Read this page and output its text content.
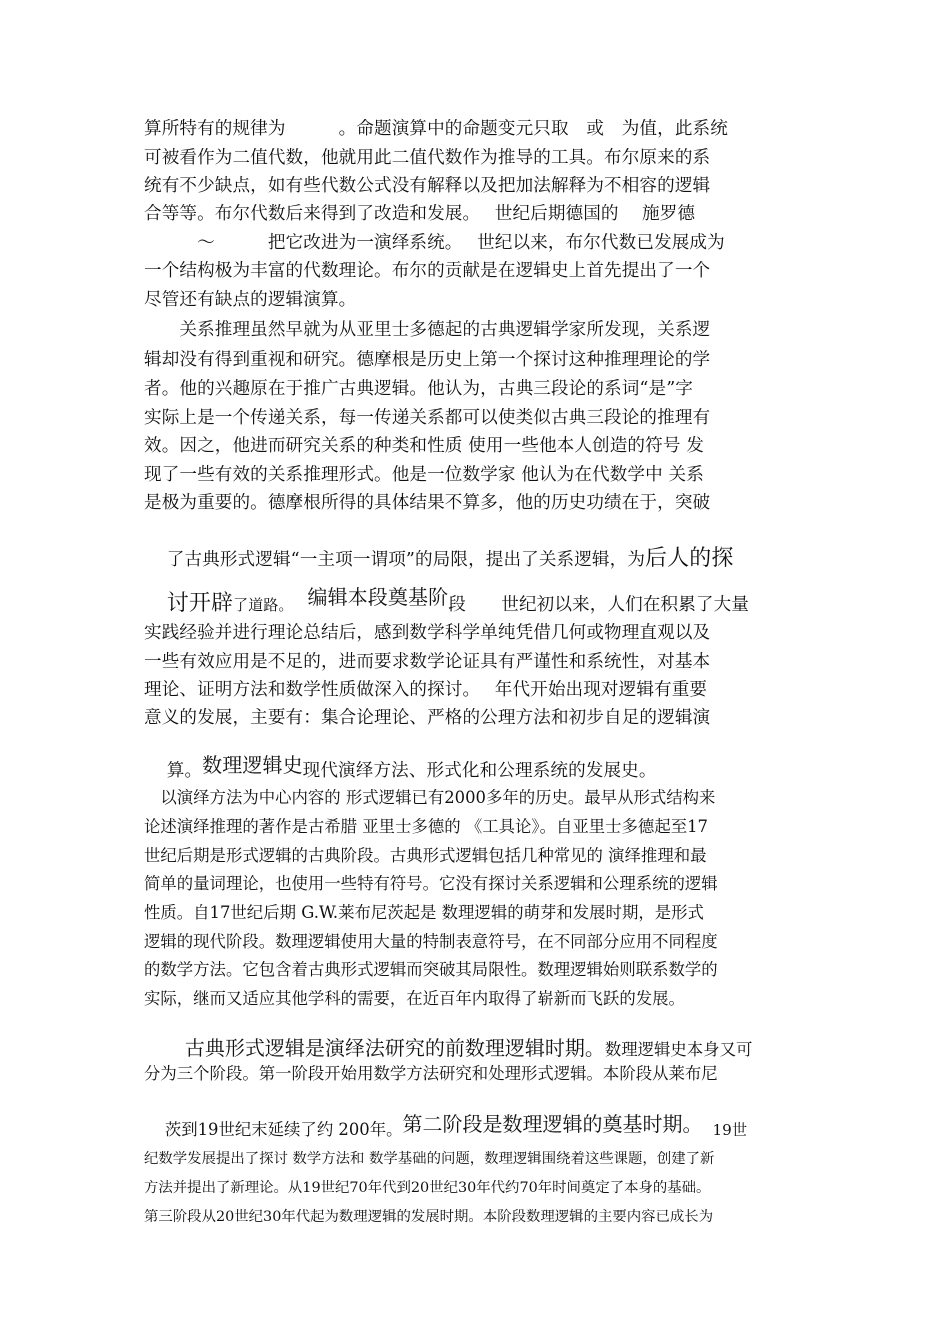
算所特有的规律为　　　。命题演算中的命题变元只取　或　为值，此系统
可被看作为二值代数，他就用此二值代数作为推导的工具。布尔原来的系
统有不少缺点，如有些代数公式没有解释以及把加法解释为不相容的逻辑
合等等。布尔代数后来得到了改造和发展。　 世纪后期德国的　 施罗德
　　　～　　　把它改进为一演绎系统。　 世纪以来，布尔代数已发展成为
一个结构极为丰富的代数理论。布尔的贡献是在逻辑史上首先提出了一个
尽管还有缺点的逻辑演算。
　　关系推理虽然早就为从亚里士多德起的古典逻辑学家所发现，关系逻
辑却没有得到重视和研究。德摩根是历史上第一个探讨这种推理理论的学
者。他的兴趣原在于推广古典逻辑。他认为，古典三段论的系词“是”字
实际上是一个传递关系，每一传递关系都可以使类似古典三段论的推理有
效。因之，他进而研究关系的种类和性质 使用一些他本人创造的符号 发
现了一些有效的关系推理形式。他是一位数学家 他认为在代数学中 关系
是极为重要的。德摩根所得的具体结果不算多，他的历史功绩在于，突破

了古典形式逻辑“一主项一谓项”的局限，提出了关系逻辑，为后人的探

讨开辟了道路。 编辑本段奠基阶段　　世纪初以来，人们在积累了大量

实践经验并进行理论总结后，感到数学科学单纯凭借几何或物理直观以及
一些有效应用是不足的，进而要求数学论证具有严谨性和系统性，对基本
理论、证明方法和数学性质做深入的探讨。　 年代开始出现对逻辑有重要
意义的发展，主要有：集合论理论、严格的公理方法和初步自足的逻辑演

算。数理逻辑史现代演绎方法、形式化和公理系统的发展史。

　以演绎方法为中心内容的 形式逻辑已有2000多年的历史。最早从形式结构来
论述演绎推理的著作是古希腊 亚里士多德的 《工具论》。自亚里士多德起至17
世纪后期是形式逻辑的古典阶段。古典形式逻辑包括几种常见的 演绎推理和最
简单的量词理论，也使用一些特有符号。它没有探讨关系逻辑和公理系统的逻辑
性质。自17世纪后期 G.W.莱布尼茨起是 数理逻辑的萌芽和发展时期，是形式
逻辑的现代阶段。数理逻辑使用大量的特制表意符号，在不同部分应用不同程度
的数学方法。它包含着古典形式逻辑而突破其局限性。数理逻辑始则联系数学的
实际，继而又适应其他学科的需要，在近百年内取得了崭新而飞跃的发展。

　古典形式逻辑是演绎法研究的前数理逻辑时期。数理逻辑史本身又可

分为三个阶段。第一阶段开始用数学方法研究和处理形式逻辑。本阶段从莱布尼

茨到19世纪末延续了约 200年。第二阶段是数理逻辑的奠基时期。 19世

纪数学发展提出了探讨 数学方法和 数学基础的问题，数理逻辑围绕着这些课题，创建了新
方法并提出了新理论。从19世纪70年代到20世纪30年代约70年时间奠定了本身的基础。
第三阶段从20世纪30年代起为数理逻辑的发展时期。本阶段数理逻辑的主要内容已成长为
